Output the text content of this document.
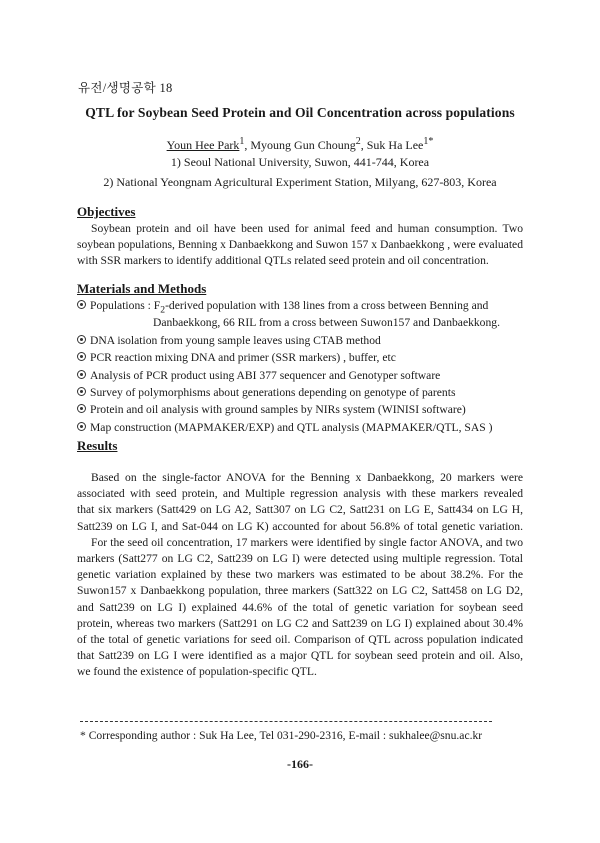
유전/생명공학 18
QTL for Soybean Seed Protein and Oil Concentration across populations
Youn Hee Park$^1$, Myoung Gun Choung$^2$, Suk Ha Lee$^{1*}$
1) Seoul National University, Suwon, 441-744, Korea
2) National Yeongnam Agricultural Experiment Station, Milyang, 627-803, Korea
Objectives
Soybean protein and oil have been used for animal feed and human consumption. Two
soybean populations, Benning x Danbaekkong and Suwon 157 x Danbaekkong , were evaluated
with SSR markers to identify additional QTLs related seed protein and oil concentration.
Materials and Methods
Populations : $F_2$-derived population with 138 lines from a cross between Benning and
Danbaekkong, 66 RIL from a cross between Suwon157 and Danbaekkong.
DNA isolation from young sample leaves using CTAB method
PCR reaction mixing DNA and primer (SSR markers) , buffer, etc
Analysis of PCR product using ABI 377 sequencer and Genotyper software
Survey of polymorphisms about generations depending on genotype of parents
Protein and oil analysis with ground samples by NIRs system (WINISI software)
Map construction (MAPMAKER/EXP) and QTL analysis (MAPMAKER/QTL, SAS )
Results
Based on the single-factor ANOVA for the Benning x Danbaekkong, 20 markers were
associated with seed protein, and Multiple regression analysis with these markers revealed
that six markers (Satt429 on LG A2, Satt307 on LG C2, Satt231 on LG E, Satt434 on LG H,
Satt239 on LG I, and Sat-044 on LG K) accounted for about 56.8% of total genetic variation.
For the seed oil concentration, 17 markers were identified by single factor ANOVA, and two
markers (Satt277 on LG C2, Satt239 on LG I) were detected using multiple regression. Total
genetic variation explained by these two markers was estimated to be about 38.2%. For the
Suwon157 x Danbaekkong population, three markers (Satt322 on LG C2, Satt458 on LG D2,
and Satt239 on LG I) explained 44.6% of the total of genetic variation for soybean seed
protein, whereas two markers (Satt291 on LG C2 and Satt239 on LG I) explained about 30.4%
of the total of genetic variations for seed oil. Comparison of QTL across population indicated
that Satt239 on LG I were identified as a major QTL for soybean seed protein and oil. Also,
we found the existence of population-specific QTL.
* Corresponding author : Suk Ha Lee, Tel 031-290-2316, E-mail : sukhalee@snu.ac.kr
-166-
